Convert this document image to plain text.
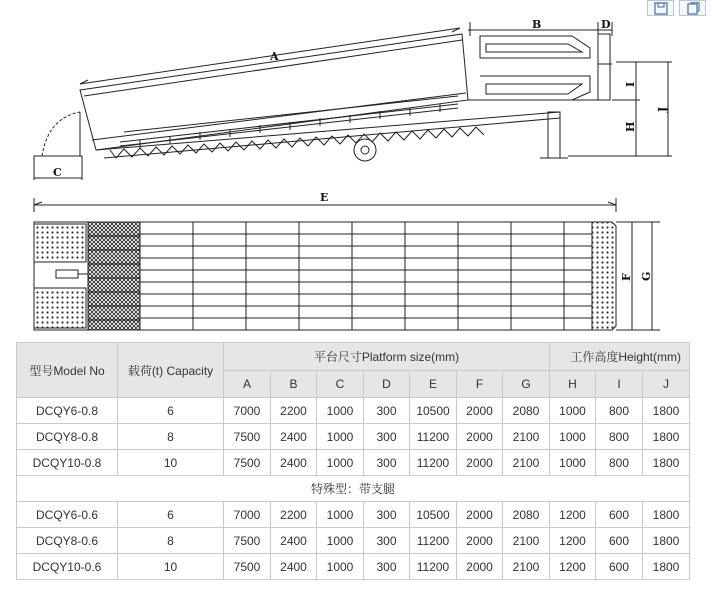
A
B	D
I
H
J
C
E
F G
型号Model No	载荷(t) Capacity	平台尺寸Platform size(mm)							工作高度Height(mm)		
		A	B	C	D	E	F	G	H	I	J
DCQY6-0.8	6	7000	2200	1000	300	10500	2000	2080	1000	800	1800
DCQY8-0.8	8	7500	2400	1000	300	11200	2000	2100	1000	800	1800
DCQY10-0.8	10	7500	2400	1000	300	11200	2000	2100	1000	800	1800
特殊型：带支腿											
DCQY6-0.6	6	7000	2200	1000	300	10500	2000	2080	1200	600	1800
DCQY8-0.6	8	7500	2400	1000	300	11200	2000	2100	1200	600	1800
DCQY10-0.6	10	7500	2400	1000	300	11200	2000	2100	1200	600	1800
